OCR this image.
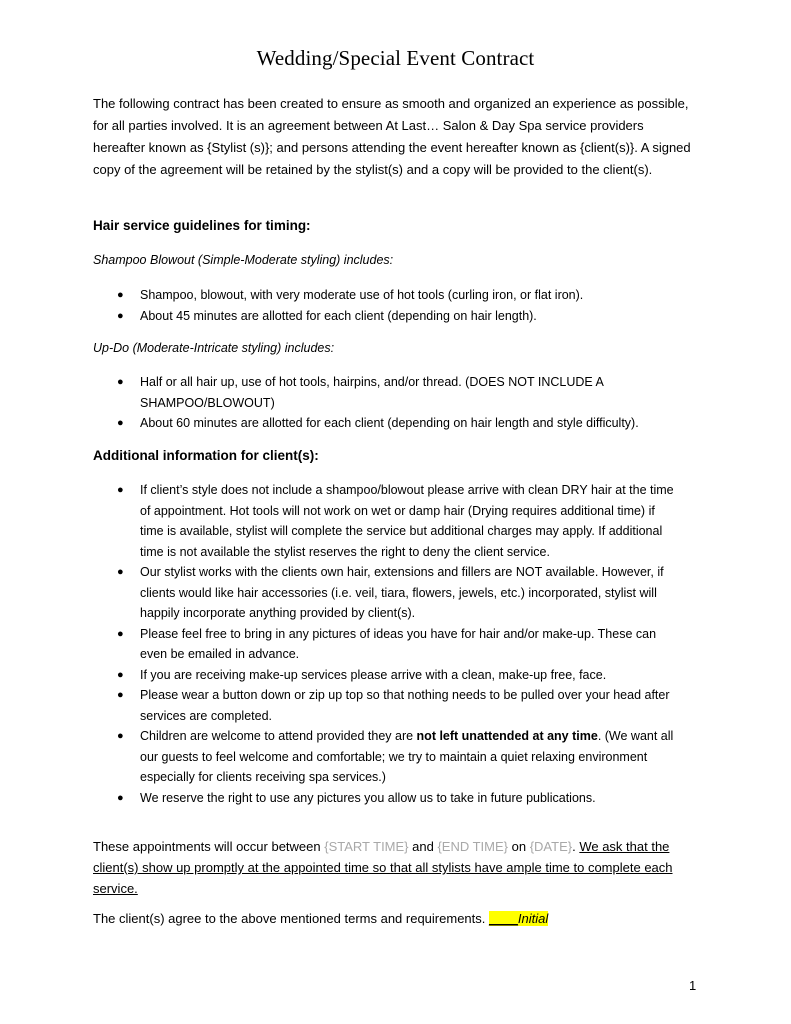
Wedding/Special Event Contract

The following contract has been created to ensure as smooth and organized an experience as possible, for all parties involved. It is an agreement between At Last… Salon & Day Spa service providers hereafter known as {Stylist (s)}; and persons attending the event hereafter known as {client(s)}. A signed copy of the agreement will be retained by the stylist(s) and a copy will be provided to the client(s).

Hair service guidelines for timing:

Shampoo Blowout (Simple-Moderate styling) includes:

● Shampoo, blowout, with very moderate use of hot tools (curling iron, or flat iron).
● About 45 minutes are allotted for each client (depending on hair length).

Up-Do (Moderate-Intricate styling) includes:

● Half or all hair up, use of hot tools, hairpins, and/or thread. (DOES NOT INCLUDE A SHAMPOO/BLOWOUT)
● About 60 minutes are allotted for each client (depending on hair length and style difficulty).

Additional information for client(s):

● If client’s style does not include a shampoo/blowout please arrive with clean DRY hair at the time of appointment. Hot tools will not work on wet or damp hair (Drying requires additional time) if time is available, stylist will complete the service but additional charges may apply. If additional time is not available the stylist reserves the right to deny the client service.
● Our stylist works with the clients own hair, extensions and fillers are NOT available. However, if clients would like hair accessories (i.e. veil, tiara, flowers, jewels, etc.) incorporated, stylist will happily incorporate anything provided by client(s).
● Please feel free to bring in any pictures of ideas you have for hair and/or make-up. These can even be emailed in advance.
● If you are receiving make-up services please arrive with a clean, make-up free, face.
● Please wear a button down or zip up top so that nothing needs to be pulled over your head after services are completed.
● Children are welcome to attend provided they are not left unattended at any time. (We want all our guests to feel welcome and comfortable; we try to maintain a quiet relaxing environment especially for clients receiving spa services.)
● We reserve the right to use any pictures you allow us to take in future publications.

These appointments will occur between {START TIME} and {END TIME} on {DATE}. We ask that the client(s) show up promptly at the appointed time so that all stylists have ample time to complete each service.

The client(s) agree to the above mentioned terms and requirements. ____Initial

1
